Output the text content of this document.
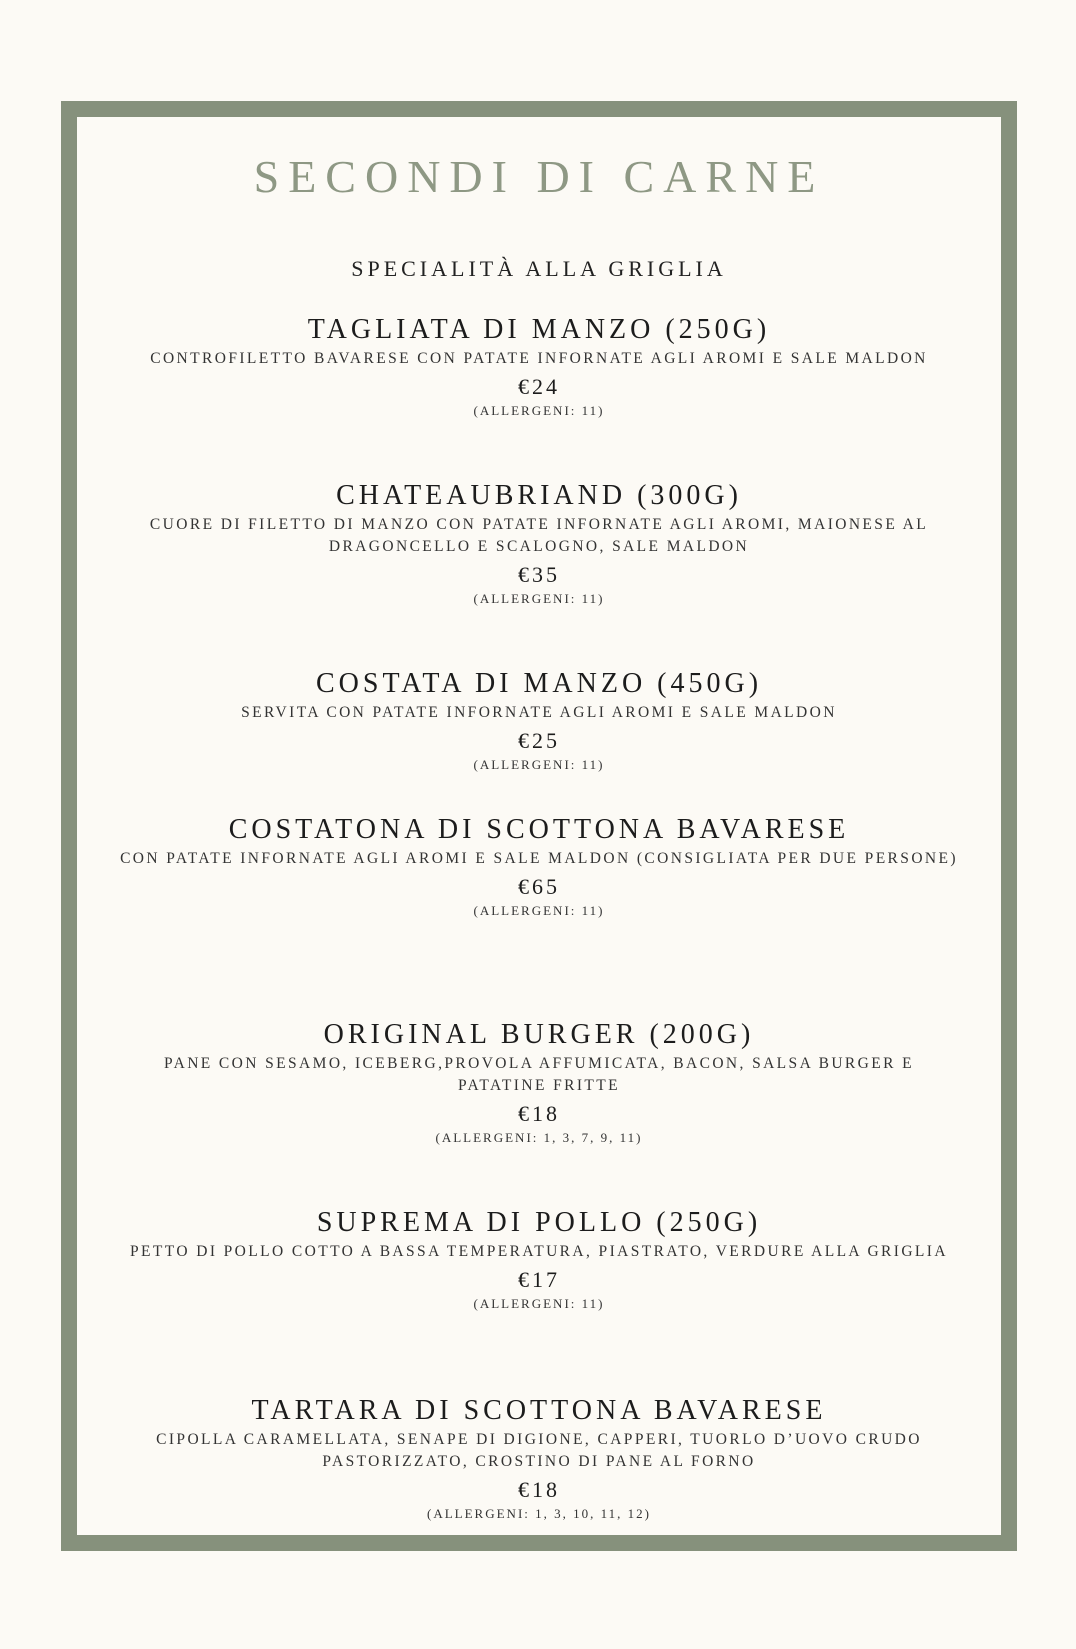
SECONDI DI CARNE
SPECIALITÀ ALLA GRIGLIA
TAGLIATA DI MANZO (250G)
CONTROFILETTO BAVARESE CON PATATE INFORNATE AGLI AROMI E SALE MALDON
€24
(ALLERGENI: 11)
CHATEAUBRIAND (300G)
CUORE DI FILETTO DI MANZO CON PATATE INFORNATE AGLI AROMI, MAIONESE AL DRAGONCELLO E SCALOGNO, SALE MALDON
€35
(ALLERGENI: 11)
COSTATA DI MANZO (450G)
SERVITA CON PATATE INFORNATE AGLI AROMI E SALE MALDON
€25
(ALLERGENI: 11)
COSTATONA DI SCOTTONA BAVARESE
CON PATATE INFORNATE AGLI AROMI E SALE MALDON (CONSIGLIATA PER DUE PERSONE)
€65
(ALLERGENI: 11)
ORIGINAL BURGER (200G)
PANE CON SESAMO, ICEBERG,PROVOLA AFFUMICATA, BACON, SALSA BURGER E PATATINE FRITTE
€18
(ALLERGENI: 1, 3, 7, 9, 11)
SUPREMA DI POLLO (250G)
PETTO DI POLLO COTTO A BASSA TEMPERATURA, PIASTRATO, VERDURE ALLA GRIGLIA
€17
(ALLERGENI: 11)
TARTARA DI SCOTTONA BAVARESE
CIPOLLA CARAMELLATA, SENAPE DI DIGIONE, CAPPERI, TUORLO D’UOVO CRUDO PASTORIZZATO, CROSTINO DI PANE AL FORNO
€18
(ALLERGENI: 1, 3, 10, 11, 12)
